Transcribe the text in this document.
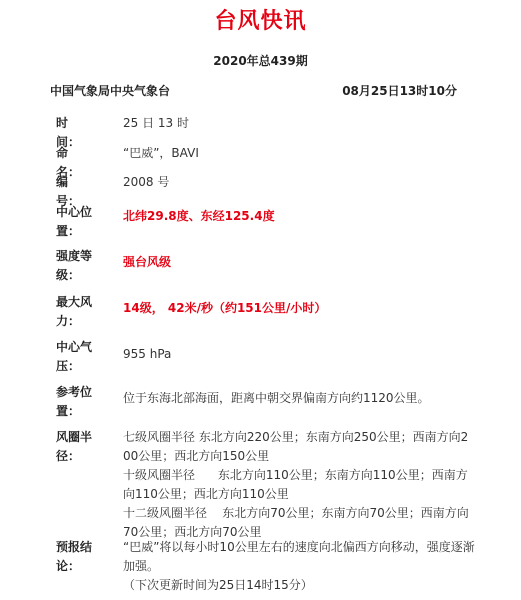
台风快讯
2020年总439期
中国气象局中央气象台	08月25日13时10分
时间：
25 日 13 时
命名：
“巴威”，BAVI
编号：
2008 号
中心位置：
北纬29.8度、东经125.4度
强度等级：
强台风级
最大风力：
14级， 42米/秒（约151公里/小时）
中心气压：
955 hPa
参考位置：
位于东海北部海面，距离中朝交界偏南方向约1120公里。
风圈半径：
七级风圈半径 东北方向220公里；东南方向250公里；西南方向200公里；西北方向150公里
十级风圈半径      东北方向110公里；东南方向110公里；西南方向110公里；西北方向110公里
十二级风圈半径    东北方向70公里；东南方向70公里；西南方向70公里；西北方向70公里
预报结论：
“巴威”将以每小时10公里左右的速度向北偏西方向移动，强度逐渐加强。
（下次更新时间为25日14时15分）
